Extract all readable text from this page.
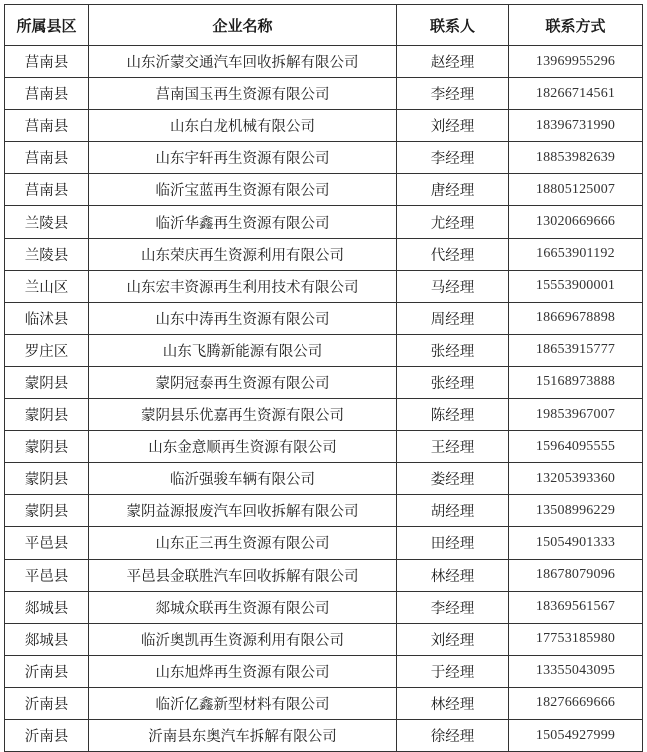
所属县区	企业名称	联系人	联系方式
莒南县	山东沂蒙交通汽车回收拆解有限公司	赵经理	13969955296
莒南县	莒南国玉再生资源有限公司	李经理	18266714561
莒南县	山东白龙机械有限公司	刘经理	18396731990
莒南县	山东宇轩再生资源有限公司	李经理	18853982639
莒南县	临沂宝蓝再生资源有限公司	唐经理	18805125007
兰陵县	临沂华鑫再生资源有限公司	尤经理	13020669666
兰陵县	山东荣庆再生资源利用有限公司	代经理	16653901192
兰山区	山东宏丰资源再生利用技术有限公司	马经理	15553900001
临沭县	山东中涛再生资源有限公司	周经理	18669678898
罗庄区	山东飞腾新能源有限公司	张经理	18653915777
蒙阴县	蒙阴冠泰再生资源有限公司	张经理	15168973888
蒙阴县	蒙阴县乐优嘉再生资源有限公司	陈经理	19853967007
蒙阴县	山东金意顺再生资源有限公司	王经理	15964095555
蒙阴县	临沂强骏车辆有限公司	娄经理	13205393360
蒙阴县	蒙阴益源报废汽车回收拆解有限公司	胡经理	13508996229
平邑县	山东正三再生资源有限公司	田经理	15054901333
平邑县	平邑县金联胜汽车回收拆解有限公司	林经理	18678079096
郯城县	郯城众联再生资源有限公司	李经理	18369561567
郯城县	临沂奥凯再生资源利用有限公司	刘经理	17753185980
沂南县	山东旭烨再生资源有限公司	于经理	13355043095
沂南县	临沂亿鑫新型材料有限公司	林经理	18276669666
沂南县	沂南县东奥汽车拆解有限公司	徐经理	15054927999
